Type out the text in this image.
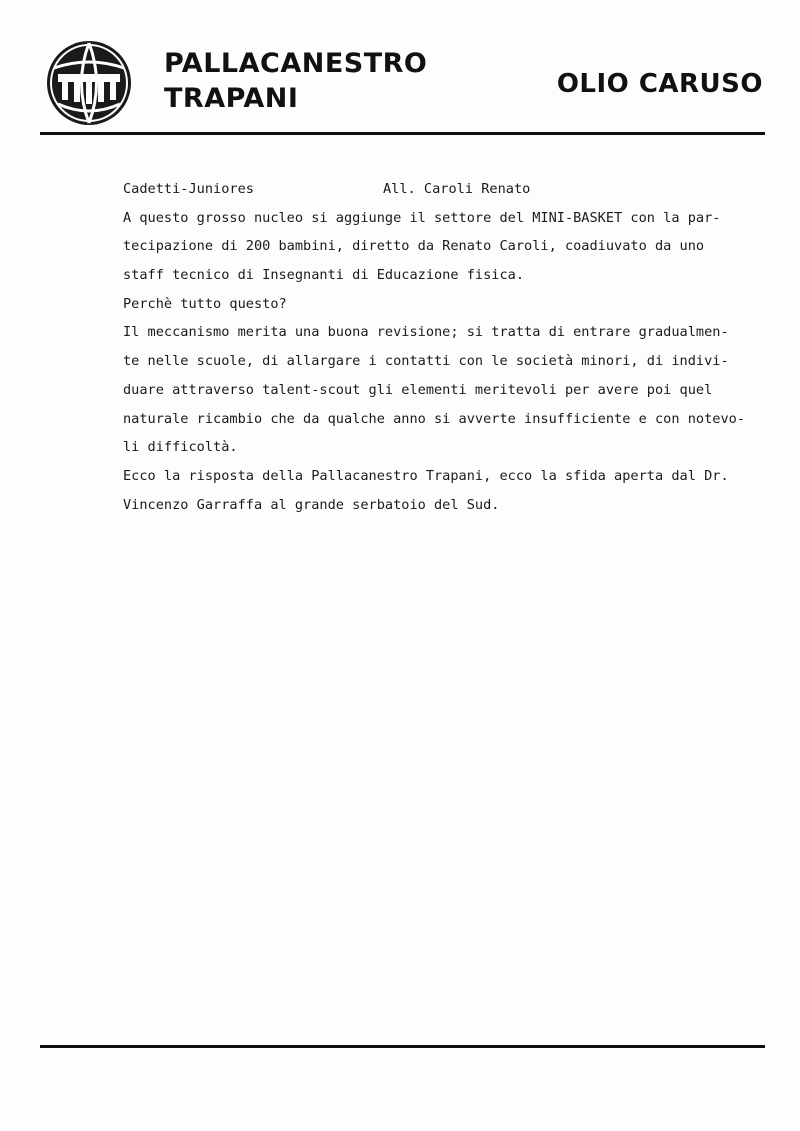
PALLACANESTRO
TRAPANI	OLIO CARUSO
Cadetti-Juniores	All. Caroli Renato
A questo grosso nucleo si aggiunge il settore del MINI-BASKET con la par-
tecipazione di 200 bambini, diretto da Renato Caroli, coadiuvato da uno
staff tecnico di Insegnanti di Educazione fisica.
Perchè tutto questo?
Il meccanismo merita una buona revisione; si tratta di entrare gradualmen-
te nelle scuole, di allargare i contatti con le società minori, di indivi-
duare attraverso talent-scout gli elementi meritevoli per avere poi quel
naturale ricambio che da qualche anno si avverte insufficiente e con notevo-
li difficoltà.
Ecco la risposta della Pallacanestro Trapani, ecco la sfida aperta dal Dr.
Vincenzo Garraffa al grande serbatoio del Sud.
